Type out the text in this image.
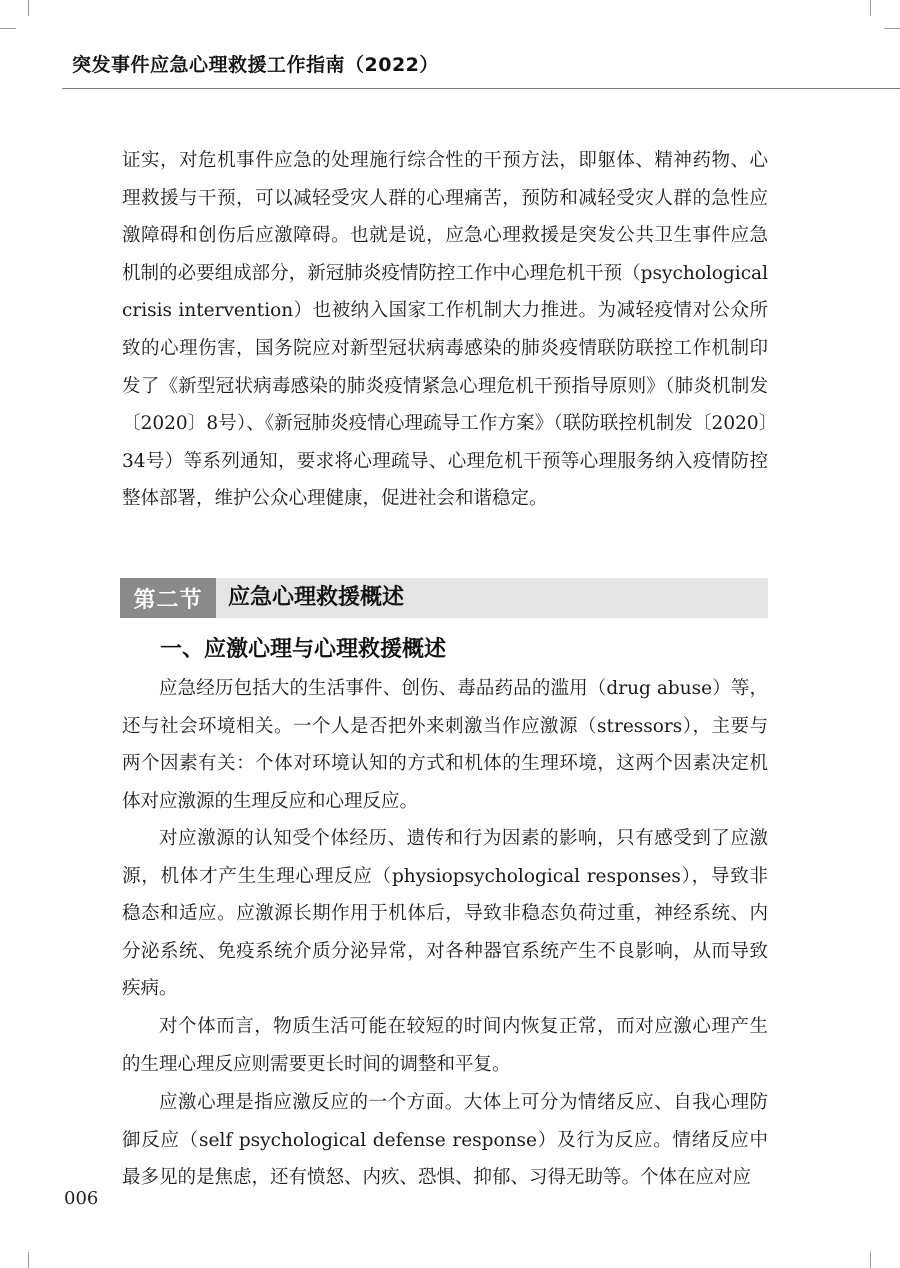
突发事件应急心理救援工作指南（2022）

证实，对危机事件应急的处理施行综合性的干预方法，即躯体、精神药物、心理救援与干预，可以减轻受灾人群的心理痛苦，预防和减轻受灾人群的急性应激障碍和创伤后应激障碍。也就是说，应急心理救援是突发公共卫生事件应急机制的必要组成部分，新冠肺炎疫情防控工作中心理危机干预（psychological crisis intervention）也被纳入国家工作机制大力推进。为减轻疫情对公众所致的心理伤害，国务院应对新型冠状病毒感染的肺炎疫情联防联控工作机制印发了《新型冠状病毒感染的肺炎疫情紧急心理危机干预指导原则》（肺炎机制发〔2020〕8号）、《新冠肺炎疫情心理疏导工作方案》（联防联控机制发〔2020〕34号）等系列通知，要求将心理疏导、心理危机干预等心理服务纳入疫情防控整体部署，维护公众心理健康，促进社会和谐稳定。

第二节	应急心理救援概述
一、应激心理与心理救援概述

应急经历包括大的生活事件、创伤、毒品药品的滥用（drug abuse）等，还与社会环境相关。一个人是否把外来刺激当作应激源（stressors），主要与两个因素有关：个体对环境认知的方式和机体的生理环境，这两个因素决定机体对应激源的生理反应和心理反应。

对应激源的认知受个体经历、遗传和行为因素的影响，只有感受到了应激源，机体才产生生理心理反应（physiopsychological responses），导致非稳态和适应。应激源长期作用于机体后，导致非稳态负荷过重，神经系统、内分泌系统、免疫系统介质分泌异常，对各种器官系统产生不良影响，从而导致疾病。

对个体而言，物质生活可能在较短的时间内恢复正常，而对应激心理产生的生理心理反应则需要更长时间的调整和平复。

应激心理是指应激反应的一个方面。大体上可分为情绪反应、自我心理防御反应（self psychological defense response）及行为反应。情绪反应中最多见的是焦虑，还有愤怒、内疚、恐惧、抑郁、习得无助等。个体在应对应

006
